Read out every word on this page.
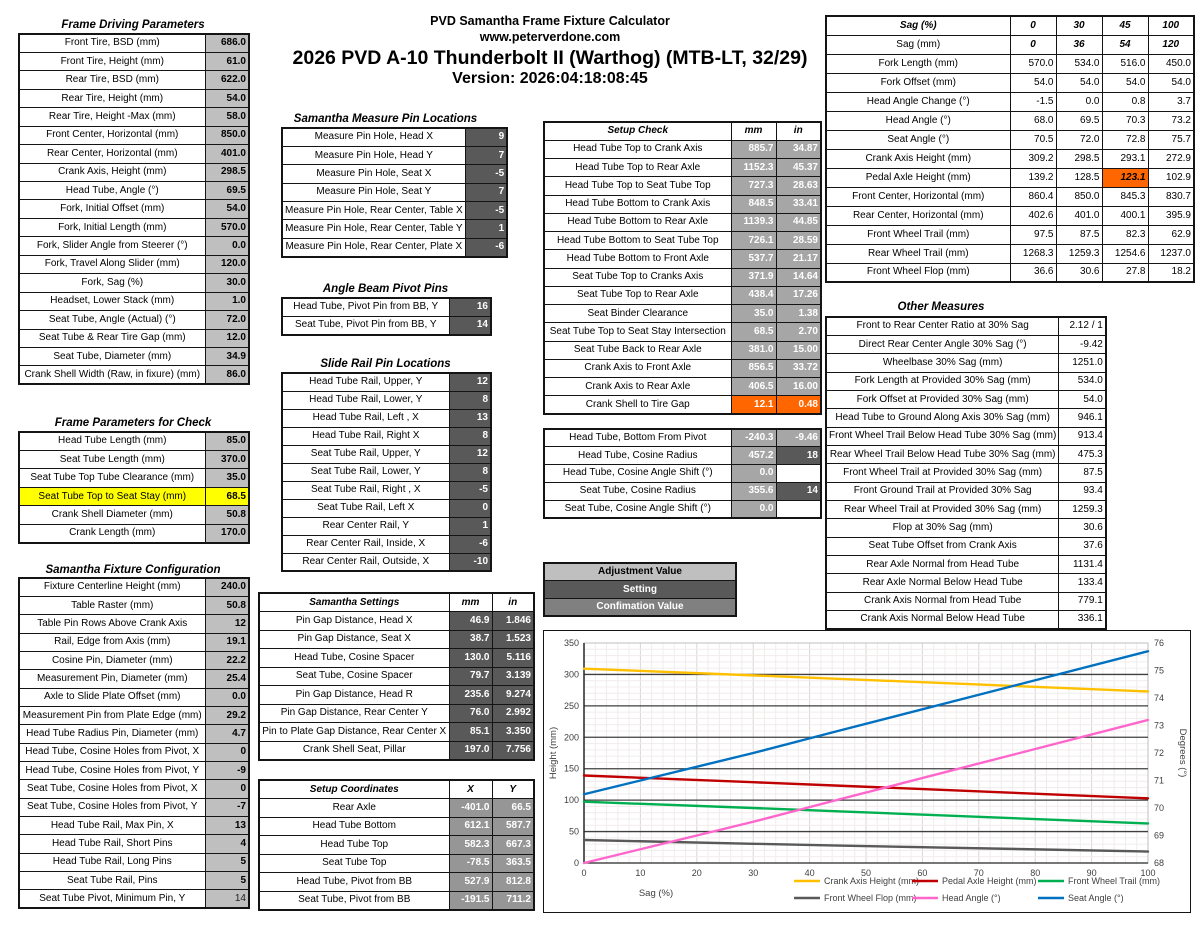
PVD Samantha Frame Fixture Calculator
www.peterverdone.com
2026 PVD A-10 Thunderbolt II (Warthog) (MTB-LT, 32/29)
Version: 2026:04:18:08:45
Frame Driving Parameters
Front Tire, BSD (mm)	686.0
Front Tire, Height (mm)	61.0
Rear Tire, BSD (mm)	622.0
Rear Tire, Height (mm)	54.0
Rear Tire, Height -Max (mm)	58.0
Front Center, Horizontal (mm)	850.0
Rear Center, Horizontal (mm)	401.0
Crank Axis, Height (mm)	298.5
Head Tube, Angle (°)	69.5
Fork, Initial Offset (mm)	54.0
Fork, Initial Length (mm)	570.0
Fork, Slider Angle from Steerer (°)	0.0
Fork, Travel Along Slider (mm)	120.0
Fork, Sag (%)	30.0
Headset, Lower Stack (mm)	1.0
Seat Tube, Angle (Actual) (°)	72.0
Seat Tube & Rear Tire Gap (mm)	12.0
Seat Tube, Diameter (mm)	34.9
Crank Shell Width (Raw, in fixure) (mm)	86.0
Frame Parameters for Check
Head Tube Length (mm)	85.0
Seat Tube Length (mm)	370.0
Seat Tube Top Tube Clearance (mm)	35.0
Seat Tube Top to Seat Stay (mm)	68.5
Crank Shell Diameter (mm)	50.8
Crank Length (mm)	170.0
Samantha Fixture Configuration
Fixture Centerline Height (mm)	240.0
Table Raster (mm)	50.8
Table Pin Rows Above Crank Axis	12
Rail, Edge from Axis (mm)	19.1
Cosine Pin, Diameter (mm)	22.2
Measurement Pin, Diameter (mm)	25.4
Axle to Slide Plate Offset (mm)	0.0
Measurement Pin from Plate Edge (mm)	29.2
Head Tube Radius Pin, Diameter (mm)	4.7
Head Tube, Cosine Holes from Pivot, X	0
Head Tube, Cosine Holes from Pivot, Y	-9
Seat Tube, Cosine Holes from Pivot, X	0
Seat Tube, Cosine Holes from Pivot, Y	-7
Head Tube Rail, Max Pin, X	13
Head Tube Rail, Short Pins	4
Head Tube Rail, Long Pins	5
Seat Tube Rail, Pins	5
Seat Tube Pivot, Minimum Pin, Y	14
Samantha Measure Pin Locations
Measure Pin Hole, Head X	9
Measure Pin Hole, Head Y	7
Measure Pin Hole, Seat X	-5
Measure Pin Hole, Seat Y	7
Measure Pin Hole, Rear Center, Table X	-5
Measure Pin Hole, Rear Center, Table Y	1
Measure Pin Hole, Rear Center, Plate X	-6
Angle Beam Pivot Pins
Head Tube, Pivot Pin from BB, Y	16
Seat Tube, Pivot Pin from BB, Y	14
Slide Rail Pin Locations
Head Tube Rail, Upper, Y	12
Head Tube Rail, Lower, Y	8
Head Tube Rail, Left , X	13
Head Tube Rail, Right X	8
Seat Tube Rail, Upper, Y	12
Seat Tube Rail, Lower, Y	8
Seat Tube Rail, Right , X	-5
Seat Tube Rail, Left X	0
Rear Center Rail, Y	1
Rear Center Rail, Inside, X	-6
Rear Center Rail, Outside, X	-10
Samantha Settings	mm	in
Pin Gap Distance, Head X	46.9	1.846
Pin Gap Distance, Seat X	38.7	1.523
Head Tube, Cosine Spacer	130.0	5.116
Seat Tube, Cosine Spacer	79.7	3.139
Pin Gap Distance, Head R	235.6	9.274
Pin Gap Distance, Rear Center Y	76.0	2.992
Pin to Plate Gap Distance, Rear Center X	85.1	3.350
Crank Shell Seat, Pillar	197.0	7.756
Setup Coordinates	X	Y
Rear Axle	-401.0	66.5
Head Tube Bottom	612.1	587.7
Head Tube Top	582.3	667.3
Seat Tube Top	-78.5	363.5
Head Tube, Pivot from BB	527.9	812.8
Seat Tube, Pivot from BB	-191.5	711.2
Setup Check	mm	in
Head Tube Top to Crank Axis	885.7	34.87
Head Tube Top to Rear Axle	1152.3	45.37
Head Tube Top to Seat Tube Top	727.3	28.63
Head Tube Bottom to Crank Axis	848.5	33.41
Head Tube Bottom to Rear Axle	1139.3	44.85
Head Tube Bottom to Seat Tube Top	726.1	28.59
Head Tube Bottom to Front Axle	537.7	21.17
Seat Tube Top to Cranks Axis	371.9	14.64
Seat Tube Top to Rear Axle	438.4	17.26
Seat Binder Clearance	35.0	1.38
Seat Tube Top to Seat Stay Intersection	68.5	2.70
Seat Tube Back to Rear Axle	381.0	15.00
Crank Axis to Front Axle	856.5	33.72
Crank Axis to Rear Axle	406.5	16.00
Crank Shell to Tire Gap	12.1	0.48
Head Tube, Bottom From Pivot	-240.3	-9.46
Head Tube, Cosine Radius	457.2	18
Head Tube, Cosine Angle Shift (°)	0.0	
Seat Tube, Cosine Radius	355.6	14
Seat Tube, Cosine Angle Shift (°)	0.0	
Adjustment Value
Setting
Confimation Value
Sag (%)	0	30	45	100
Sag (mm)	0	36	54	120
Fork Length (mm)	570.0	534.0	516.0	450.0
Fork Offset (mm)	54.0	54.0	54.0	54.0
Head Angle Change (°)	-1.5	0.0	0.8	3.7
Head Angle (°)	68.0	69.5	70.3	73.2
Seat Angle (°)	70.5	72.0	72.8	75.7
Crank Axis Height (mm)	309.2	298.5	293.1	272.9
Pedal Axle Height (mm)	139.2	128.5	123.1	102.9
Front Center, Horizontal (mm)	860.4	850.0	845.3	830.7
Rear Center, Horizontal (mm)	402.6	401.0	400.1	395.9
Front Wheel Trail (mm)	97.5	87.5	82.3	62.9
Rear Wheel Trail (mm)	1268.3	1259.3	1254.6	1237.0
Front Wheel Flop (mm)	36.6	30.6	27.8	18.2
Other Measures
Front to Rear Center Ratio at 30% Sag	2.12 / 1
Direct Rear Center Angle 30% Sag (°)	-9.42
Wheelbase 30% Sag (mm)	1251.0
Fork Length at Provided 30% Sag (mm)	534.0
Fork Offset at Provided 30% Sag (mm)	54.0
Head Tube to Ground Along Axis 30% Sag (mm)	946.1
Front Wheel Trail Below Head Tube 30% Sag (mm)	913.4
Rear Wheel Trail Below Head Tube 30% Sag (mm)	475.3
Front Wheel Trail at Provided 30% Sag (mm)	87.5
Front Ground Trail at Provided 30% Sag	93.4
Rear Wheel Trail at Provided 30% Sag (mm)	1259.3
Flop at 30% Sag (mm)	30.6
Seat Tube Offset from Crank Axis	37.6
Rear Axle Normal from Head Tube	1131.4
Rear Axle Normal Below Head Tube	133.4
Crank Axis Normal from Head Tube	779.1
Crank Axis Normal Below Head Tube	336.1
0
50
100
150
200
250
300
350
68
69
70
71
72
73
74
75
76
0	10	20	30	40	50	60	70	80	90	100
Height (mm)	Degrees (°)
Sag (%)
Crank Axis Height (mm)	Pedal Axle Height (mm)	Front Wheel Trail (mm)
Front Wheel Flop (mm)	Head Angle (°)	Seat Angle (°)
